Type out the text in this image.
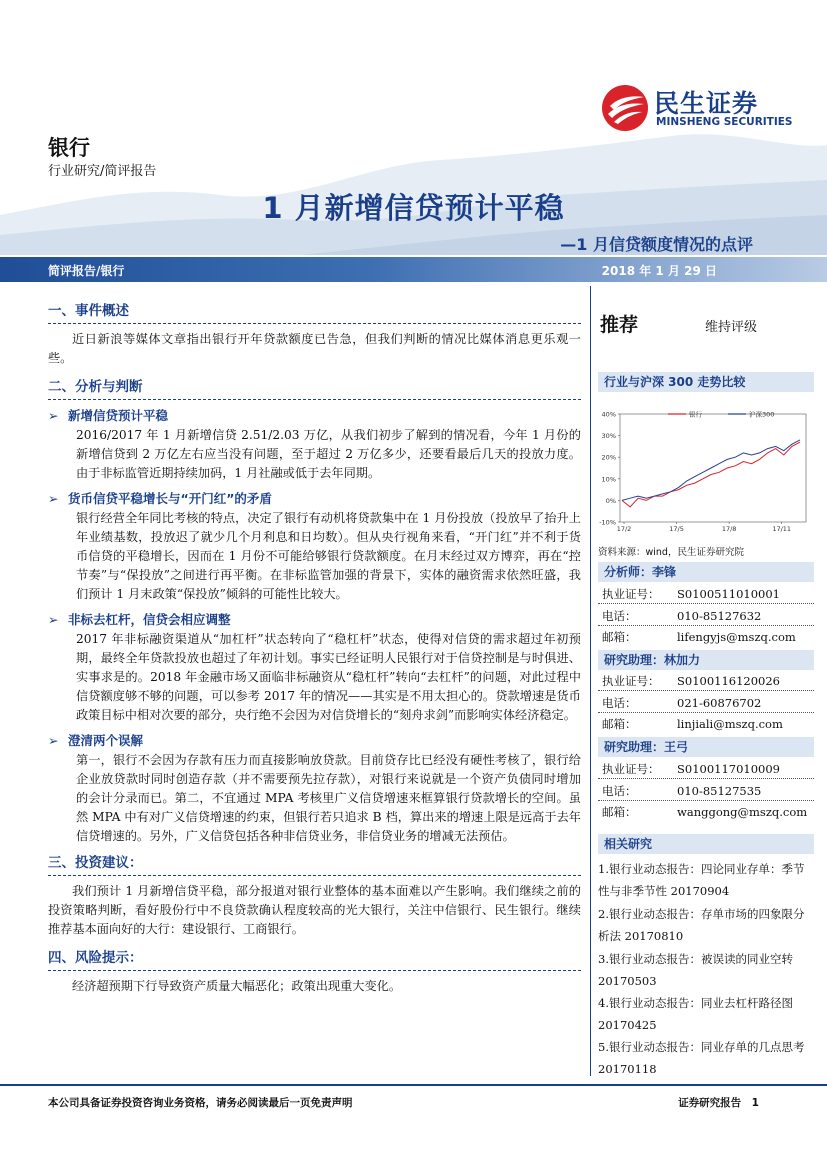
民生证券
MINSHENG SECURITIES
银行
行业研究/简评报告
1 月新增信贷预计平稳
—1 月信贷额度情况的点评
简评报告/银行	2018 年 1 月 29 日
一、事件概述

近日新浪等媒体文章指出银行开年贷款额度已告急，但我们判断的情况比媒体消息更乐观一些。

二、分析与判断
➢ 新增信贷预计平稳

2016/2017 年 1 月新增信贷 2.51/2.03 万亿，从我们初步了解到的情况看，今年 1 月份的新增信贷到 2 万亿左右应当没有问题，至于超过 2 万亿多少，还要看最后几天的投放力度。由于非标监管近期持续加码，1 月社融或低于去年同期。

➢ 货币信贷平稳增长与“开门红”的矛盾

银行经营全年同比考核的特点，决定了银行有动机将贷款集中在 1 月份投放（投放早了抬升上年业绩基数，投放迟了就少几个月利息和日均数）。但从央行视角来看，“开门红”并不利于货币信贷的平稳增长，因而在 1 月份不可能给够银行贷款额度。在月末经过双方博弈，再在“控节奏”与“保投放”之间进行再平衡。在非标监管加强的背景下，实体的融资需求依然旺盛，我们预计 1 月末政策“保投放”倾斜的可能性比较大。

➢ 非标去杠杆，信贷会相应调整

2017 年非标融资渠道从“加杠杆”状态转向了“稳杠杆”状态，使得对信贷的需求超过年初预期，最终全年贷款投放也超过了年初计划。事实已经证明人民银行对于信贷控制是与时俱进、实事求是的。2018 年金融市场又面临非标融资从“稳杠杆”转向“去杠杆”的问题，对此过程中信贷额度够不够的问题，可以参考 2017 年的情况——其实是不用太担心的。贷款增速是货币政策目标中相对次要的部分，央行绝不会因为对信贷增长的“刻舟求剑”而影响实体经济稳定。

➢ 澄清两个误解

第一，银行不会因为存款有压力而直接影响放贷款。目前贷存比已经没有硬性考核了，银行给企业放贷款时同时创造存款（并不需要预先拉存款），对银行来说就是一个资产负债同时增加的会计分录而已。第二，不宜通过 MPA 考核里广义信贷增速来框算银行贷款增长的空间。虽然 MPA 中有对广义信贷增速的约束，但银行若只追求 B 档，算出来的增速上限是远高于去年信贷增速的。另外，广义信贷包括各种非信贷业务，非信贷业务的增减无法预估。

三、投资建议：

我们预计 1 月新增信贷平稳，部分报道对银行业整体的基本面难以产生影响。我们继续之前的投资策略判断，看好股份行中不良贷款确认程度较高的光大银行，关注中信银行、民生银行。继续推荐基本面向好的大行：建设银行、工商银行。

四、风险提示：

经济超预期下行导致资产质量大幅恶化；政策出现重大变化。

推荐	维持评级
行业与沪深 300 走势比较
40%
30%
20%
10%
0%
-10%
17/2	17/5	17/8	17/11
银行	沪深300
资料来源：wind，民生证券研究院
分析师：李锋
执业证号： S0100511010001
电话：	010-85127632
邮箱：	lifengyjs@mszq.com
研究助理：林加力
执业证号： S0100116120026
电话：	021-60876702
邮箱：	linjiali@mszq.com
研究助理：王弓
执业证号： S0100117010009
电话：	010-85127535
邮箱：	wanggong@mszq.com
相关研究
1.银行业动态报告：四论同业存单：季节性与非季节性 20170904
2.银行业动态报告：存单市场的四象限分析法 20170810
3.银行业动态报告：被误读的同业空转 20170503
4.银行业动态报告：同业去杠杆路径图 20170425
5.银行业动态报告：同业存单的几点思考 20170118
本公司具备证券投资咨询业务资格，请务必阅读最后一页免责声明	证券研究报告　1
